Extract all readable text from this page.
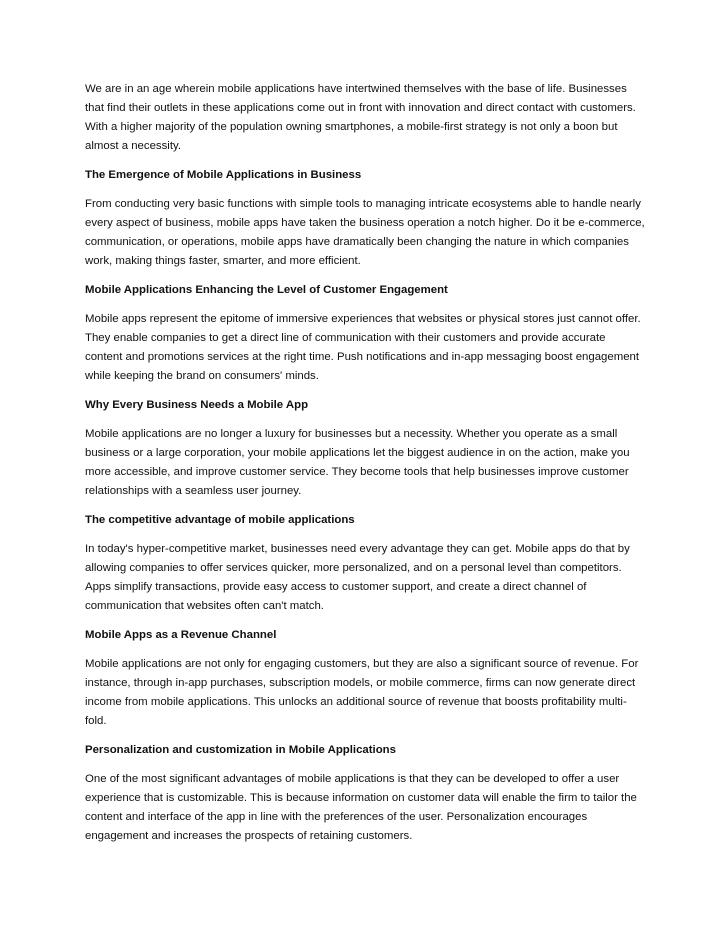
We are in an age wherein mobile applications have intertwined themselves with the base of life. Businesses that find their outlets in these applications come out in front with innovation and direct contact with customers. With a higher majority of the population owning smartphones, a mobile-first strategy is not only a boon but almost a necessity.

The Emergence of Mobile Applications in Business

From conducting very basic functions with simple tools to managing intricate ecosystems able to handle nearly every aspect of business, mobile apps have taken the business operation a notch higher. Do it be e-commerce, communication, or operations, mobile apps have dramatically been changing the nature in which companies work, making things faster, smarter, and more efficient.

Mobile Applications Enhancing the Level of Customer Engagement

Mobile apps represent the epitome of immersive experiences that websites or physical stores just cannot offer. They enable companies to get a direct line of communication with their customers and provide accurate content and promotions services at the right time. Push notifications and in-app messaging boost engagement while keeping the brand on consumers' minds.

Why Every Business Needs a Mobile App

Mobile applications are no longer a luxury for businesses but a necessity. Whether you operate as a small business or a large corporation, your mobile applications let the biggest audience in on the action, make you more accessible, and improve customer service. They become tools that help businesses improve customer relationships with a seamless user journey.

The competitive advantage of mobile applications

In today's hyper-competitive market, businesses need every advantage they can get. Mobile apps do that by allowing companies to offer services quicker, more personalized, and on a personal level than competitors. Apps simplify transactions, provide easy access to customer support, and create a direct channel of communication that websites often can't match.

Mobile Apps as a Revenue Channel

Mobile applications are not only for engaging customers, but they are also a significant source of revenue. For instance, through in-app purchases, subscription models, or mobile commerce, firms can now generate direct income from mobile applications. This unlocks an additional source of revenue that boosts profitability multi-fold.

Personalization and customization in Mobile Applications

One of the most significant advantages of mobile applications is that they can be developed to offer a user experience that is customizable. This is because information on customer data will enable the firm to tailor the content and interface of the app in line with the preferences of the user. Personalization encourages engagement and increases the prospects of retaining customers.
